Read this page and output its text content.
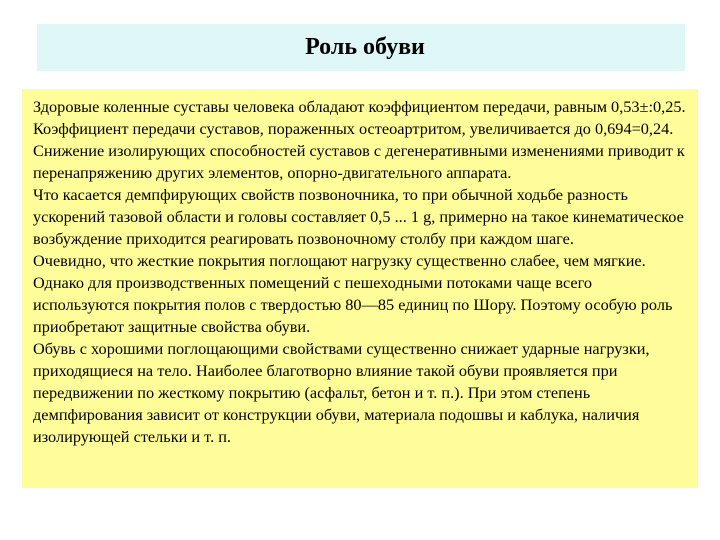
Роль обуви

Здоровые коленные суставы человека обладают коэффициентом передачи, равным 0,53±:0,25. Коэффициент передачи суставов, пораженных остеоартритом, увеличивается до 0,694=0,24. Снижение изолирующих способностей суставов с дегенеративными изменениями приводит к перенапряжению других элементов, опорно-двигательного аппарата.

Что касается демпфирующих свойств позвоночника, то при обычной ходьбе разность ускорений тазовой области и головы составляет 0,5 ... 1 g, примерно на такое кинематическое возбуждение приходится реагировать позвоночному столбу при каждом шаге.

Очевидно, что жесткие покрытия поглощают нагрузку существенно слабее, чем мягкие. Однако для производственных помещений с пешеходными потоками чаще всего используются покрытия полов с твердостью 80—85 единиц по Шору. Поэтому особую роль приобретают защитные свойства обуви.

Обувь с хорошими поглощающими свойствами существенно снижает ударные нагрузки, приходящиеся на тело. Наиболее благотворно влияние такой обуви проявляется при передвижении по жесткому покрытию (асфальт, бетон и т. п.). При этом степень демпфирования зависит от конструкции обуви, материала подошвы и каблука, наличия изолирующей стельки и т. п.
